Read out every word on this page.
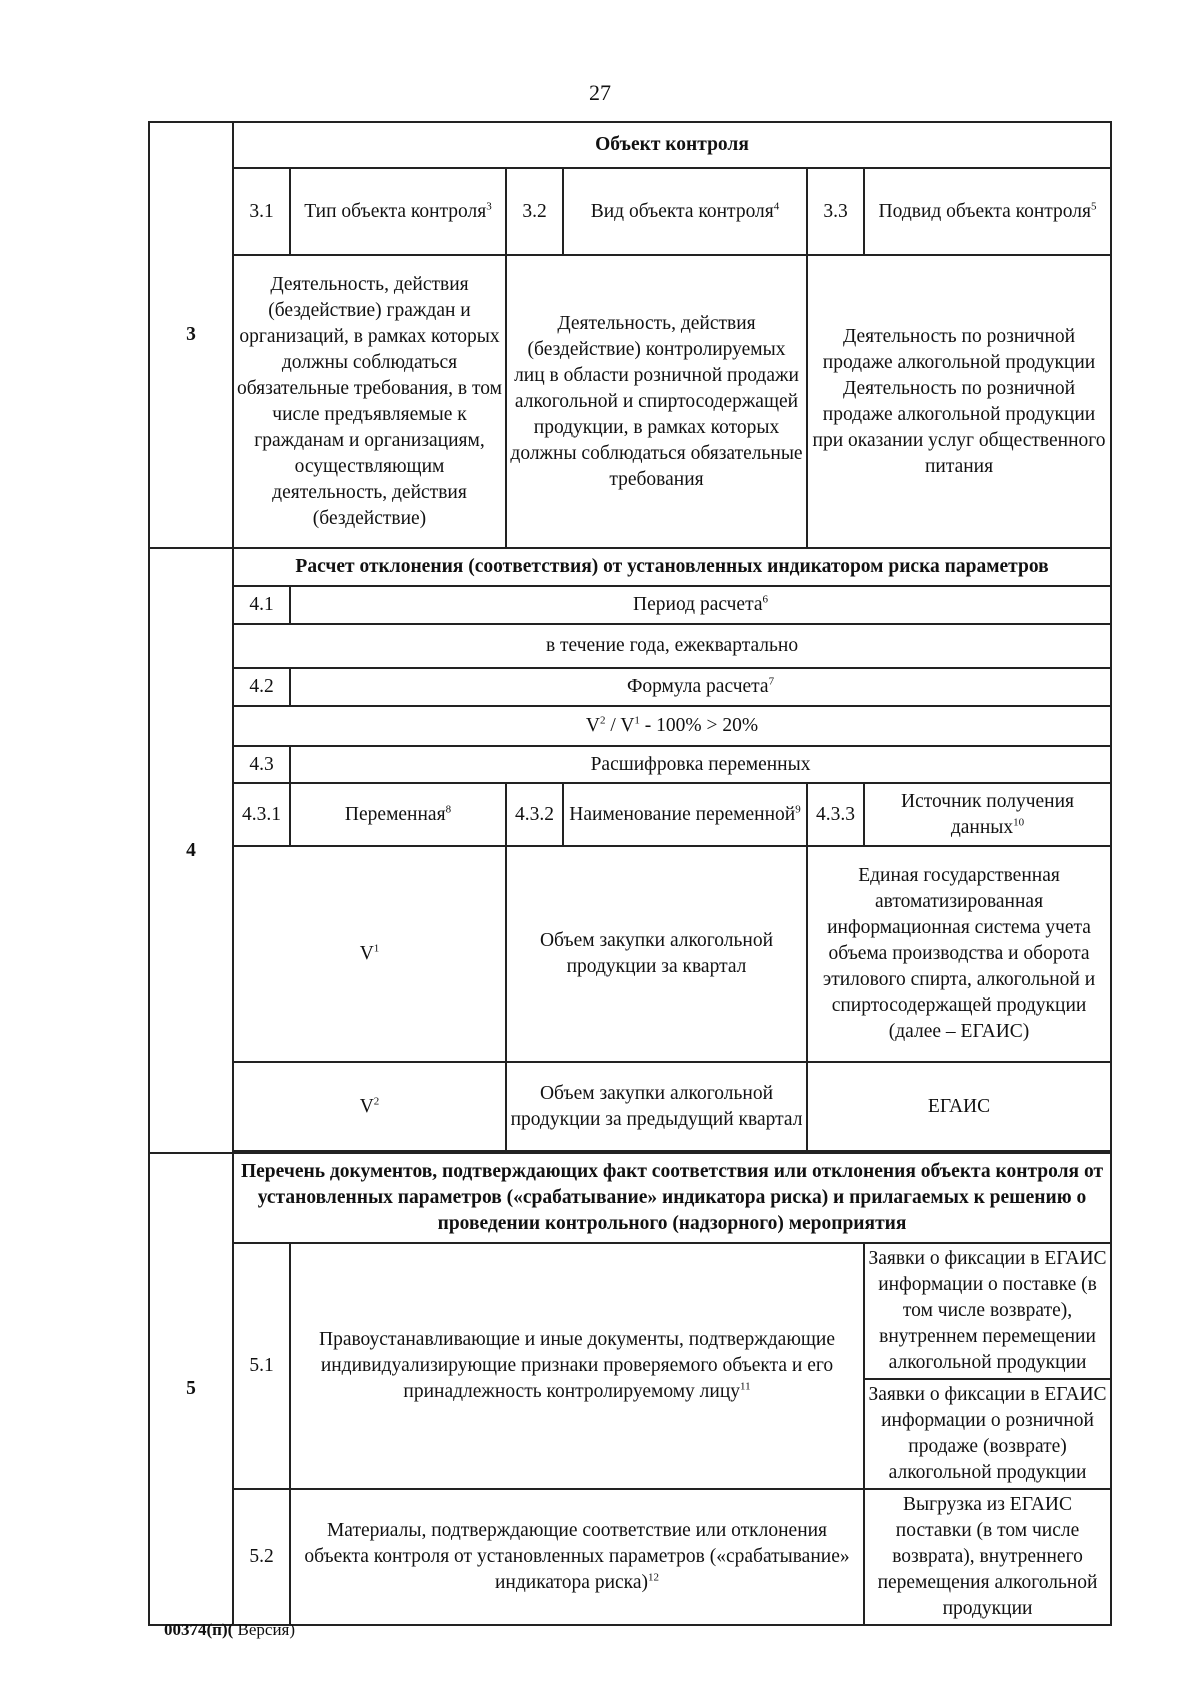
27
3	Объект контроля					
	3.1	Тип объекта контроля$^3$	3.2	Вид объекта контроля$^4$	3.3	Подвид объекта контроля$^5$
	Деятельность, действия (бездействие) граждан и организаций, в рамках которых должны соблюдаться обязательные требования, в том числе предъявляемые к гражданам и организациям, осуществляющим деятельность, действия (бездействие)		Деятельность, действия (бездействие) контролируемых лиц в области розничной продажи алкогольной и спиртосодержащей продукции, в рамках которых должны соблюдаться обязательные требования		Деятельность по розничной продаже алкогольной продукции
Деятельность по розничной продаже алкогольной продукции при оказании услуг общественного питания	

4	Расчет отклонения (соответствия) от установленных индикатором риска параметров					
	4.1	Период расчета$^6$
	в течение года, ежеквартально					
	4.2	Формула расчета$^7$
	$V^2 / V^1 - 100\% > 20\%$					
	4.3	Расшифровка переменных				
	4.3.1	Переменная$^8$	4.3.2	Наименование переменной$^9$	4.3.3	Источник получения данных$^{10}$
	$V^1$		Объем закупки алкогольной продукции за квартал		Единая государственная автоматизированная информационная система учета объема производства и оборота этилового спирта, алкогольной и спиртосодержащей продукции (далее – ЕГАИС)	
	$V^2$		Объем закупки алкогольной продукции за предыдущий квартал		ЕГАИС	

5	Перечень документов, подтверждающих факт соответствия или отклонения объекта контроля от установленных параметров («срабатывание» индикатора риска) и прилагаемых к решению о проведении контрольного (надзорного) мероприятия					
	5.1	Правоустанавливающие и иные документы, подтверждающие индивидуализирующие признаки проверяемого объекта и его принадлежность контролируемому лицу$^{11}$				Заявки о фиксации в ЕГАИС информации о поставке (в том числе возврате), внутреннем перемещении алкогольной продукции
						Заявки о фиксации в ЕГАИС информации о розничной продаже (возврате) алкогольной продукции
	5.2	Материалы, подтверждающие соответствие или отклонения объекта контроля от установленных параметров («срабатывание» индикатора риска)$^{12}$				Выгрузка из ЕГАИС поставки (в том числе возврата), внутреннего перемещения алкогольной продукции
00374(п)( Версия)
